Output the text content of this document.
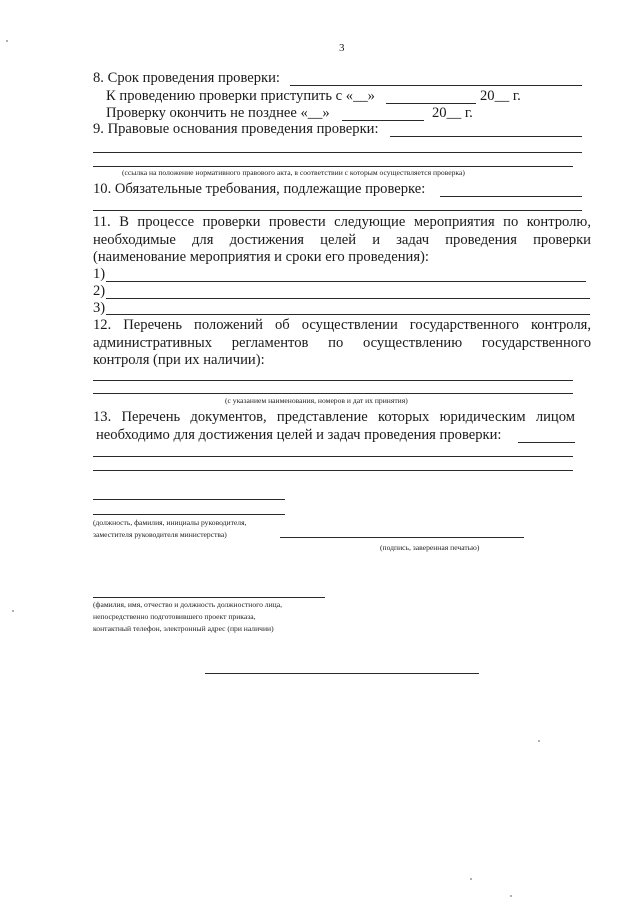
3
8. Срок проведения проверки:
К проведению проверки приступить с «__»	20__ г.
Проверку окончить не позднее «__»	20__ г.
9. Правовые основания проведения проверки:
(ссылка на положение нормативного правового акта, в соответствии с которым осуществляется проверка)
10. Обязательные требования, подлежащие проверке:
11. В процессе проверки провести следующие мероприятия по контролю,
необходимые для достижения целей и задач проведения проверки
(наименование мероприятия и сроки его проведения):
1)
2)
3)
12. Перечень положений об осуществлении государственного контроля,
административных регламентов по осуществлению государственного
контроля (при их наличии):
(с указанием наименования, номеров и дат их принятия)
13. Перечень документов, представление которых юридическим лицом
необходимо для достижения целей и задач проведения проверки:
(должность, фамилия, инициалы руководителя,
заместителя руководителя министерства)
(подпись, заверенная печатью)
(фамилия, имя, отчество и должность должностного лица,
непосредственно подготовившего проект приказа,
контактный телефон, электронный адрес (при наличии)
